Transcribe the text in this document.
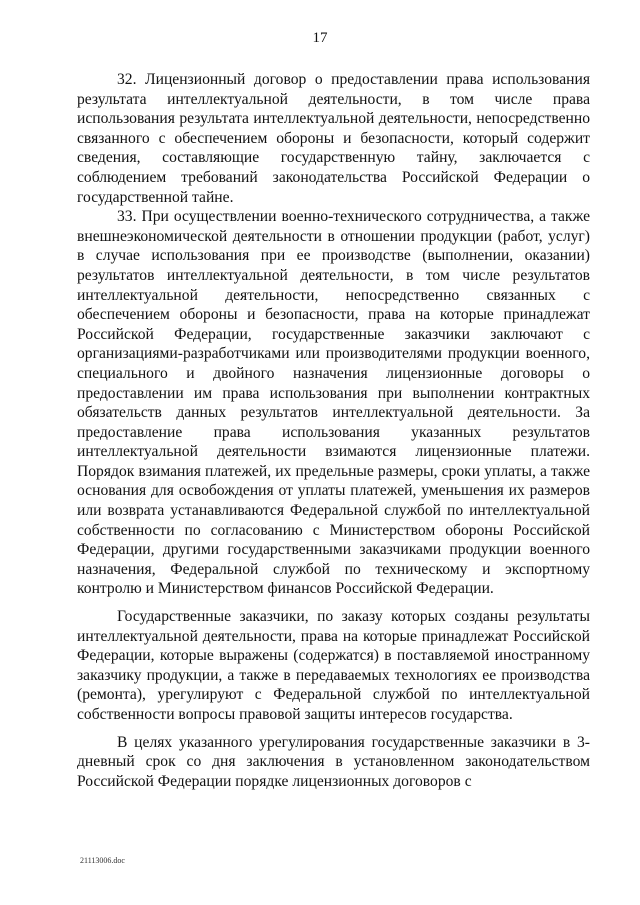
17

32. Лицензионный договор о предоставлении права использования результата интеллектуальной деятельности, в том числе права использования результата интеллектуальной деятельности, непосредственно связанного с обеспечением обороны и безопасности, который содержит сведения, составляющие государственную тайну, заключается с соблюдением требований законодательства Российской Федерации о государственной тайне.

33. При осуществлении военно-технического сотрудничества, а также внешнеэкономической деятельности в отношении продукции (работ, услуг) в случае использования при ее производстве (выполнении, оказании) результатов интеллектуальной деятельности, в том числе результатов интеллектуальной деятельности, непосредственно связанных с обеспечением обороны и безопасности, права на которые принадлежат Российской Федерации, государственные заказчики заключают с организациями-разработчиками или производителями продукции военного, специального и двойного назначения лицензионные договоры о предоставлении им права использования при выполнении контрактных обязательств данных результатов интеллектуальной деятельности. За предоставление права использования указанных результатов интеллектуальной деятельности взимаются лицензионные платежи. Порядок взимания платежей, их предельные размеры, сроки уплаты, а также основания для освобождения от уплаты платежей, уменьшения их размеров или возврата устанавливаются Федеральной службой по интеллектуальной собственности по согласованию с Министерством обороны Российской Федерации, другими государственными заказчиками продукции военного назначения, Федеральной службой по техническому и экспортному контролю и Министерством финансов Российской Федерации.

Государственные заказчики, по заказу которых созданы результаты интеллектуальной деятельности, права на которые принадлежат Российской Федерации, которые выражены (содержатся) в поставляемой иностранному заказчику продукции, а также в передаваемых технологиях ее производства (ремонта), урегулируют с Федеральной службой по интеллектуальной собственности вопросы правовой защиты интересов государства.

В целях указанного урегулирования государственные заказчики в 3-дневный срок со дня заключения в установленном законодательством Российской Федерации порядке лицензионных договоров с

21113006.doc
